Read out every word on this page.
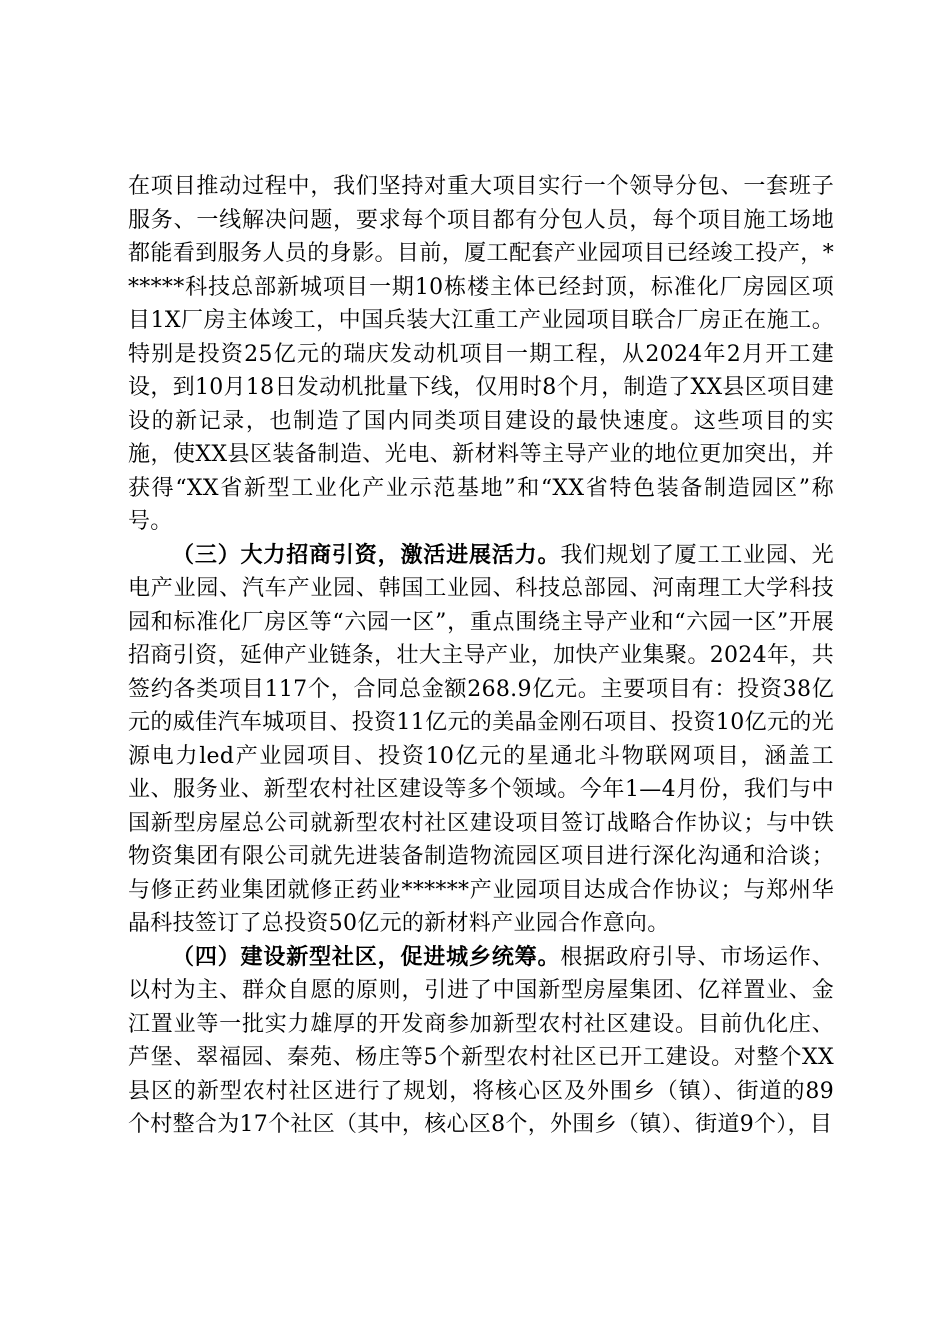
在项目推动过程中，我们坚持对重大项目实行一个领导分包、一套班子服务、一线解决问题，要求每个项目都有分包人员，每个项目施工场地都能看到服务人员的身影。目前，厦工配套产业园项目已经竣工投产，******科技总部新城项目一期10栋楼主体已经封顶，标准化厂房园区项目1X厂房主体竣工，中国兵装大江重工产业园项目联合厂房正在施工。特别是投资25亿元的瑞庆发动机项目一期工程，从2024年2月开工建设，到10月18日发动机批量下线，仅用时8个月，制造了XX县区项目建设的新记录，也制造了国内同类项目建设的最快速度。这些项目的实施，使XX县区装备制造、光电、新材料等主导产业的地位更加突出，并获得“XX省新型工业化产业示范基地”和“XX省特色装备制造园区”称号。

（三）大力招商引资，激活进展活力。我们规划了厦工工业园、光电产业园、汽车产业园、韩国工业园、科技总部园、河南理工大学科技园和标准化厂房区等“六园一区”，重点围绕主导产业和“六园一区”开展招商引资，延伸产业链条，壮大主导产业，加快产业集聚。2024年，共签约各类项目117个，合同总金额268.9亿元。主要项目有：投资38亿元的威佳汽车城项目、投资11亿元的美晶金刚石项目、投资10亿元的光源电力led产业园项目、投资10亿元的星通北斗物联网项目，涵盖工业、服务业、新型农村社区建设等多个领域。今年1—4月份，我们与中国新型房屋总公司就新型农村社区建设项目签订战略合作协议；与中铁物资集团有限公司就先进装备制造物流园区项目进行深化沟通和洽谈；与修正药业集团就修正药业******产业园项目达成合作协议；与郑州华晶科技签订了总投资50亿元的新材料产业园合作意向。

（四）建设新型社区，促进城乡统筹。根据政府引导、市场运作、以村为主、群众自愿的原则，引进了中国新型房屋集团、亿祥置业、金江置业等一批实力雄厚的开发商参加新型农村社区建设。目前仇化庄、芦堡、翠福园、秦苑、杨庄等5个新型农村社区已开工建设。对整个XX县区的新型农村社区进行了规划，将核心区及外围乡（镇）、街道的89个村整合为17个社区（其中，核心区8个，外围乡（镇）、街道9个），目
